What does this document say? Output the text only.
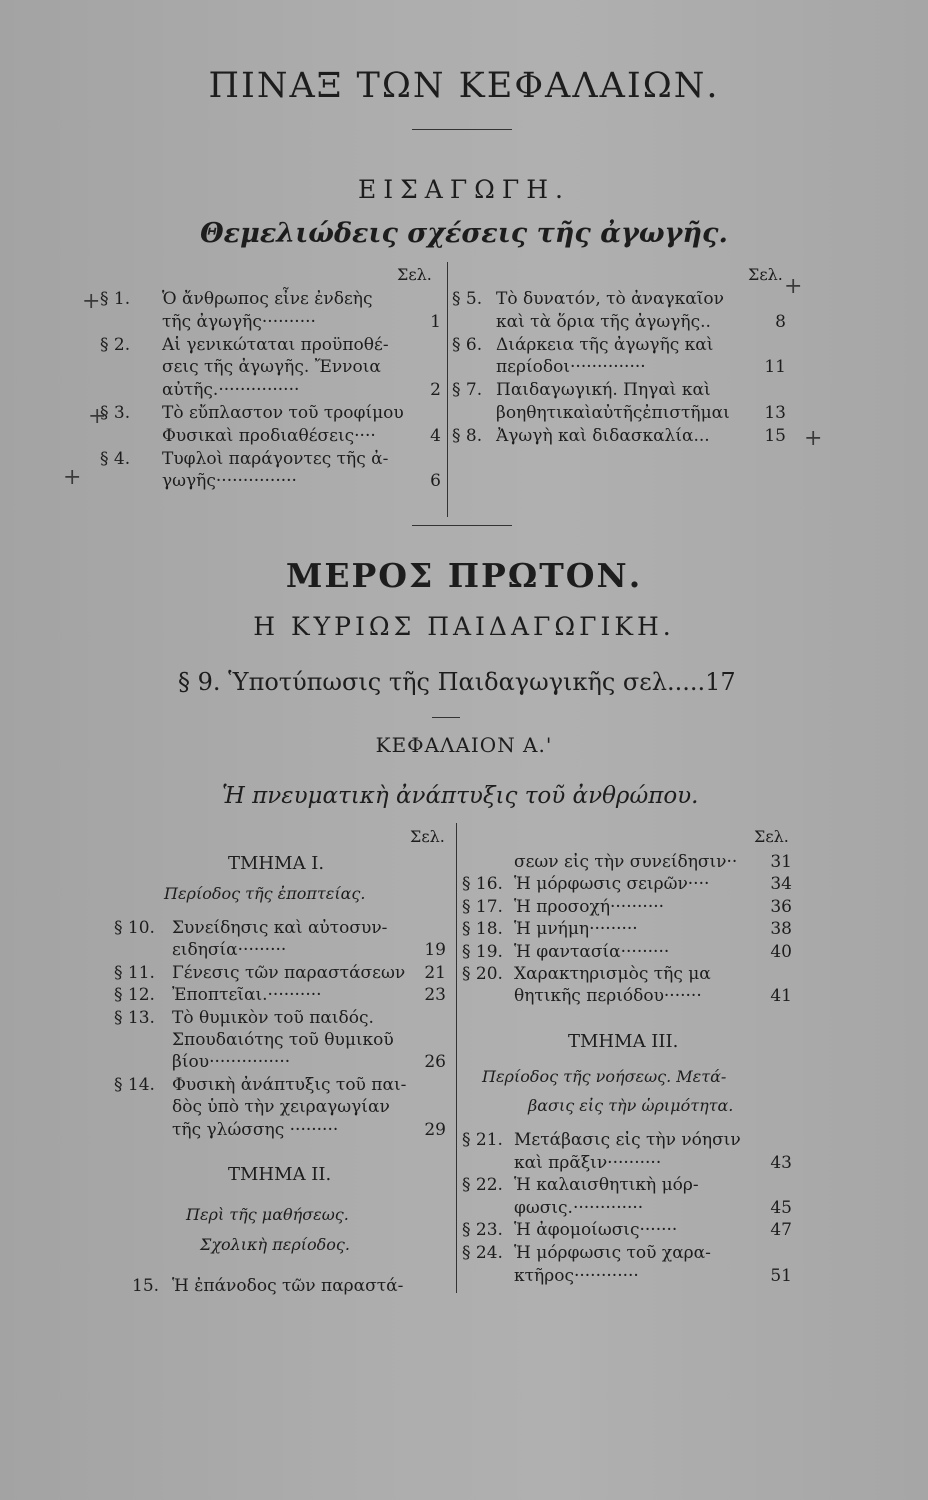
ΠΙΝΑΞ ΤΩΝ ΚΕΦΑΛΑΙΩΝ.
ΕΙΣΑΓΩΓΗ.
Θεμελιώδεις σχέσεις τῆς ἀγωγῆς.
Σελ.	Σελ.
§ 1. Ὁ ἄνθρωπος εἶνε ἐνδεὴς
τῆς ἀγωγῆς··········	1
§ 2. Αἱ γενικώταται προϋποθέ-
σεις τῆς ἀγωγῆς. Ἔννοια
αὐτῆς.···············	2
§ 3. Τὸ εὔπλαστον τοῦ τροφίμου
Φυσικαὶ προδιαθέσεις····	4
§ 4. Τυφλοὶ παράγοντες τῆς ἀ-
γωγῆς···············	6
§ 5. Τὸ δυνατόν, τὸ ἀναγκαῖον
καὶ τὰ ὅρια τῆς ἀγωγῆς..	8
§ 6. Διάρκεια τῆς ἀγωγῆς καὶ
περίοδοι··············	11
§ 7. Παιδαγωγική. Πηγαὶ καὶ
βοηθητικαὶαὐτῆςἐπιστῆμαι	13
§ 8. Ἀγωγὴ καὶ διδασκαλία...	15
+
+
+
+
+
ΜΕΡΟΣ ΠΡΩΤΟΝ.
Η ΚΥΡΙΩΣ ΠΑΙΔΑΓΩΓΙΚΗ.
§ 9. Ὑποτύπωσις τῆς Παιδαγωγικῆς σελ.....17
ΚΕΦΑΛΑΙΟΝ Α.'
Ἡ πνευματικὴ ἀνάπτυξις τοῦ ἀνθρώπου.
Σελ.	Σελ.
ΤΜΗΜΑ Ι.
Περίοδος τῆς ἐποπτείας.
ΤΜΗΜΑ ΙΙ.
Περὶ τῆς μαθήσεως.
Σχολικὴ περίοδος.
ΤΜΗΜΑ ΙΙΙ.
Περίοδος τῆς νοήσεως. Μετά-
βασις εἰς τὴν ὡριμότητα.
§ 10. Συνείδησις καὶ αὐτοσυν-
ειδησία·········	19
§ 11. Γένεσις τῶν παραστάσεων	21
§ 12. Ἐποπτεῖαι.··········	23
§ 13. Τὸ θυμικὸν τοῦ παιδός.
Σπουδαιότης τοῦ θυμικοῦ
βίου···············	26
§ 14. Φυσικὴ ἀνάπτυξις τοῦ παι-
δὸς ὑπὸ τὴν χειραγωγίαν
τῆς γλώσσης ·········	29
15. Ἡ ἐπάνοδος τῶν παραστά-
σεων εἰς τὴν συνείδησιν··	31
§ 16. Ἡ μόρφωσις σειρῶν····	34
§ 17. Ἡ προσοχή··········	36
§ 18. Ἡ μνήμη·········	38
§ 19. Ἡ φαντασία·········	40
§ 20. Χαρακτηρισμὸς τῆς μα
θητικῆς περιόδου·······	41
§ 21. Μετάβασις εἰς τὴν νόησιν
καὶ πρᾶξιν··········	43
§ 22. Ἡ καλαισθητικὴ μόρ-
φωσις.·············	45
§ 23. Ἡ ἀφομοίωσις·······	47
§ 24. Ἡ μόρφωσις τοῦ χαρα-
κτῆρος············	51
